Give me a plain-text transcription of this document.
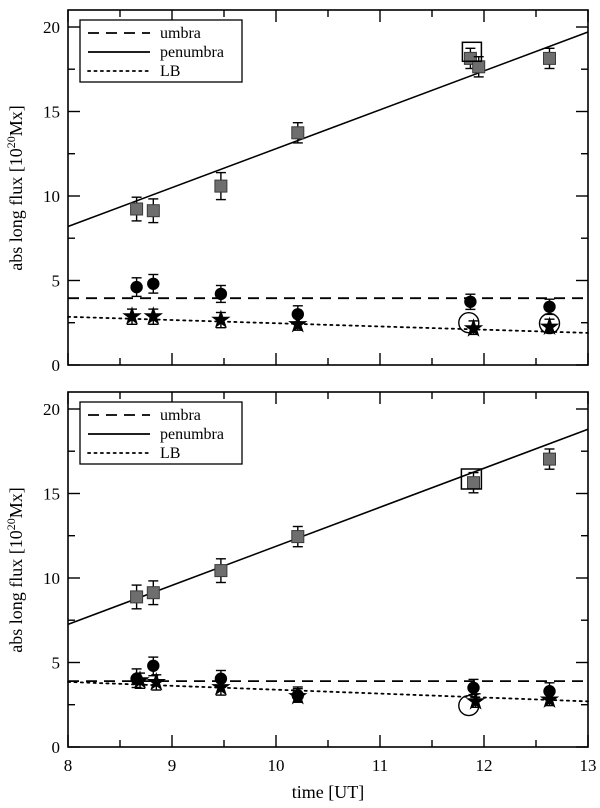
0
5
10
15
20
abs long flux $[10^{20}Mx]$
umbra
penumbra
LB
0
5
10
15
20
8	9	10	11	12	13
time [UT]
abs long flux $[10^{20}Mx]$
umbra
penumbra
LB
